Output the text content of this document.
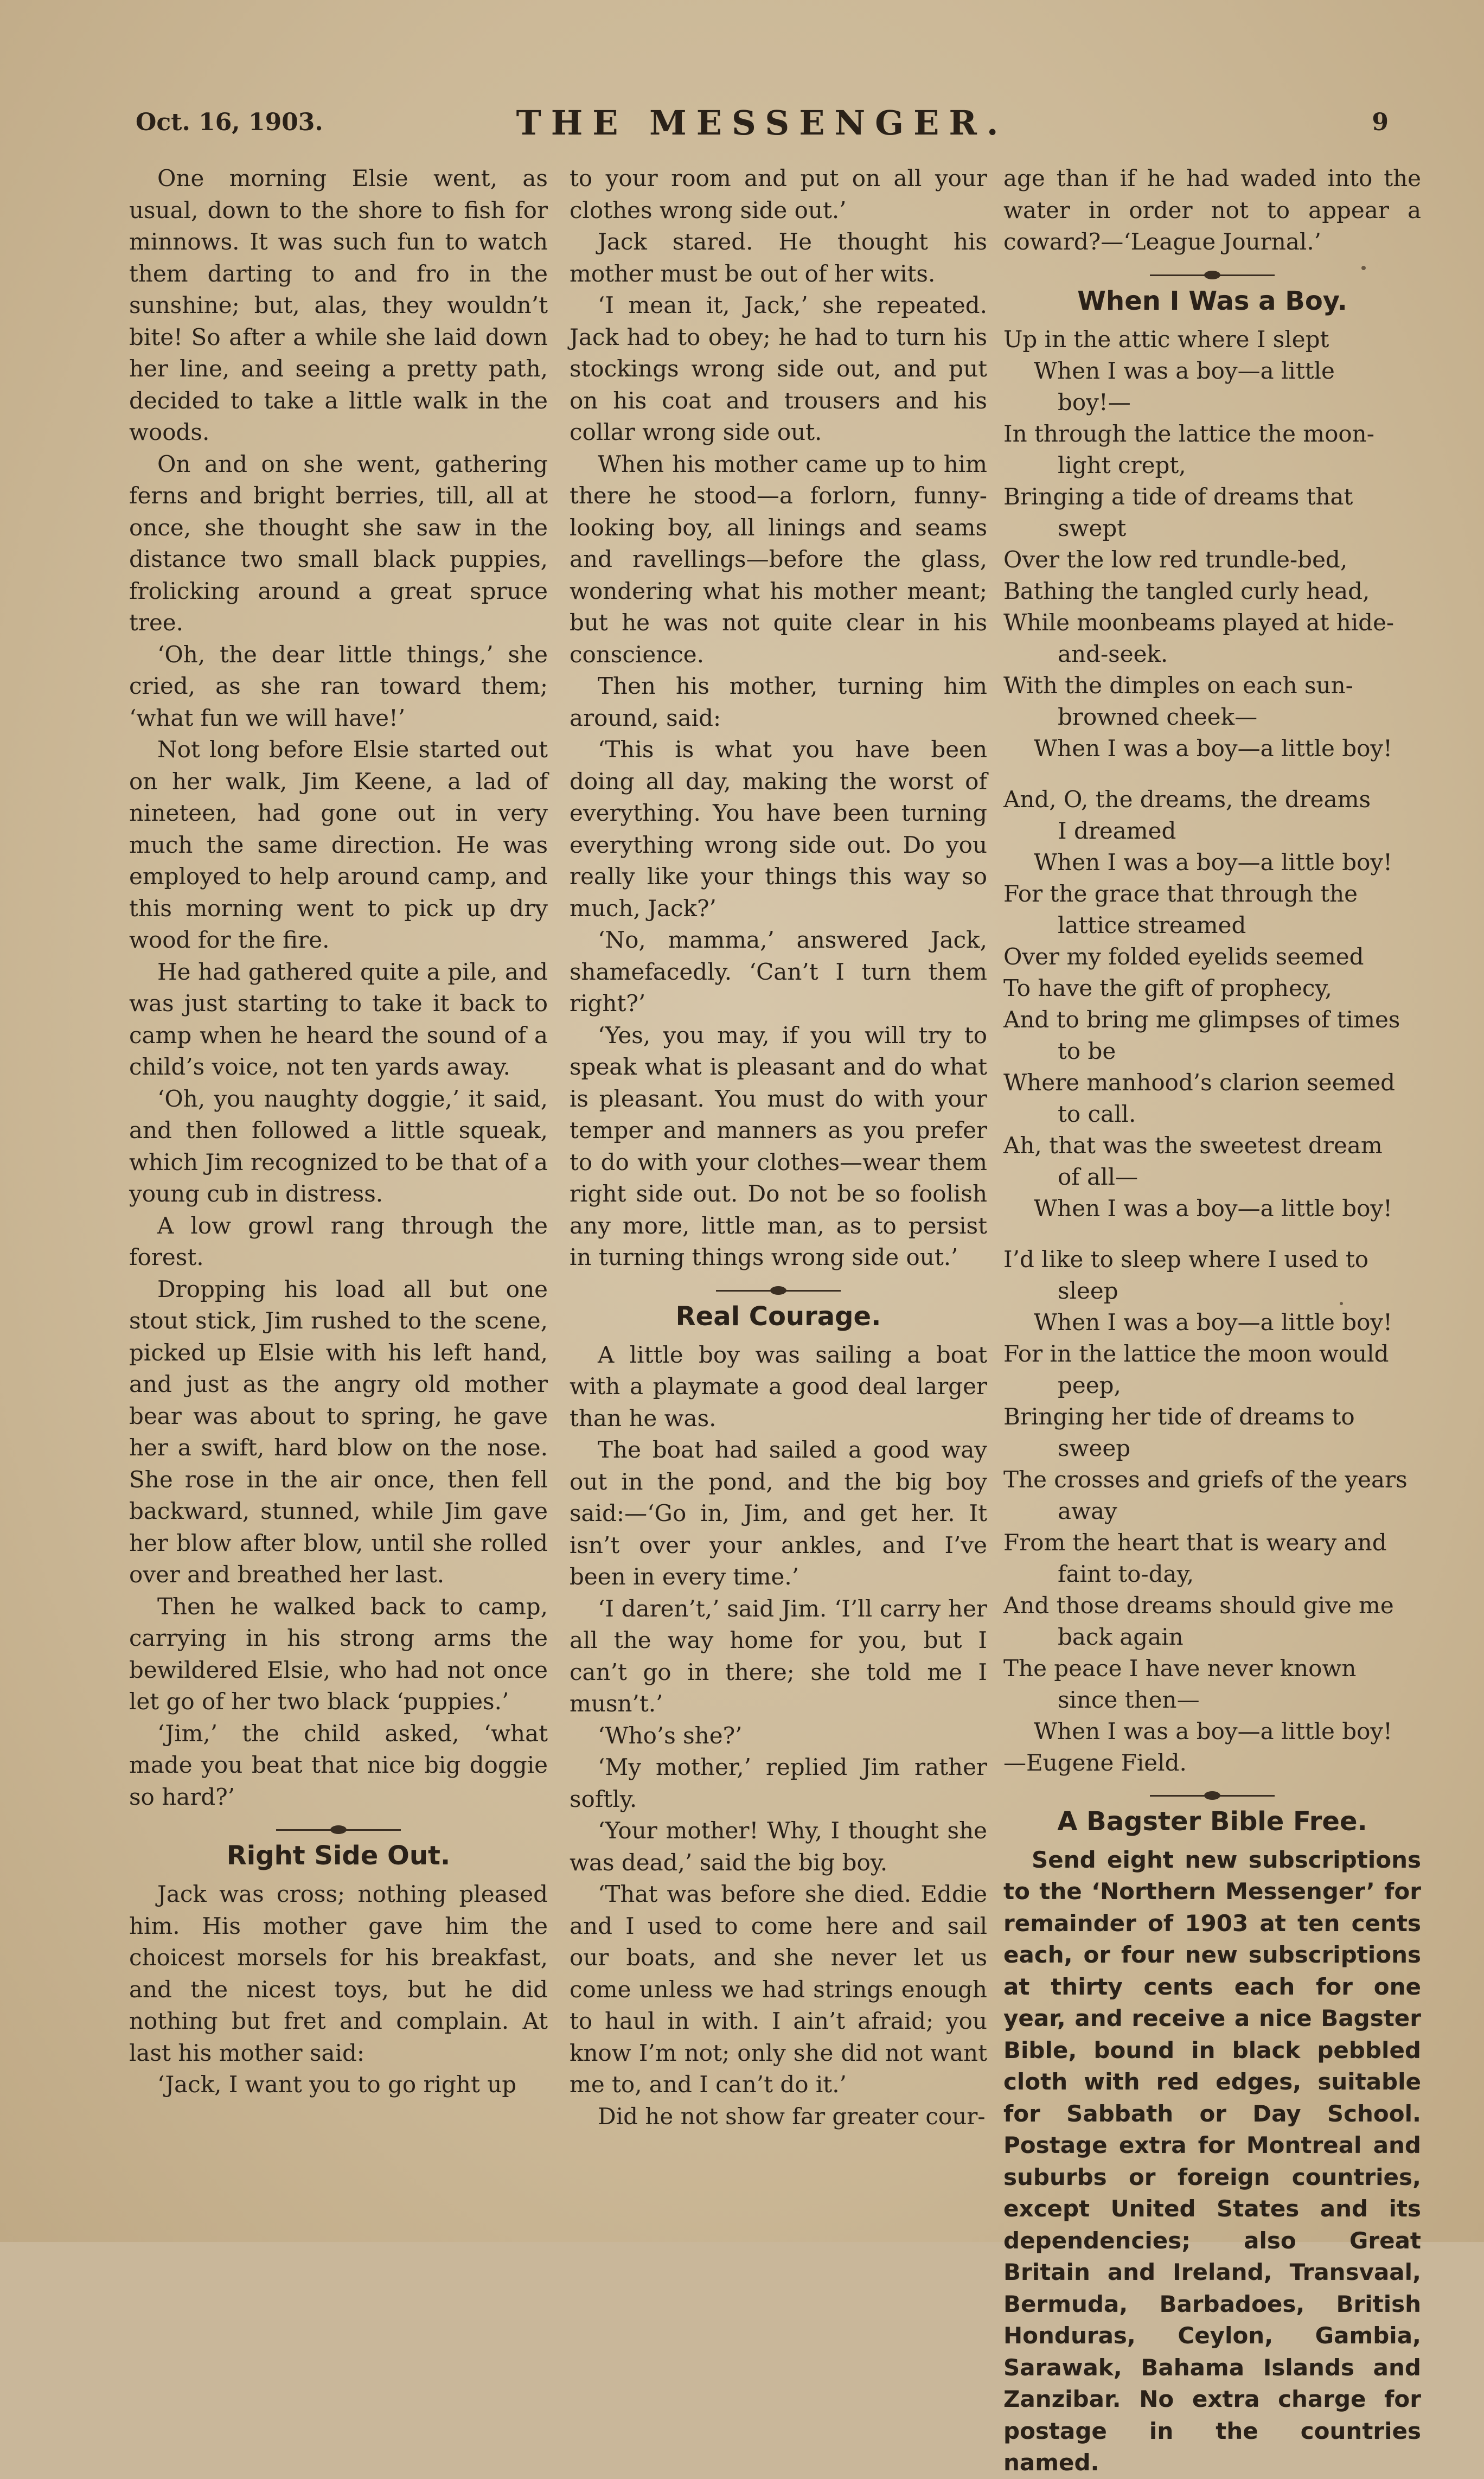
Oct. 16, 1903.	THE MESSENGER.	9

One morning Elsie went, as usual, down to the shore to fish for minnows. It was such fun to watch them darting to and fro in the sunshine; but, alas, they wouldn’t bite! So after a while she laid down her line, and seeing a pretty path, decided to take a little walk in the woods.

On and on she went, gathering ferns and bright berries, till, all at once, she thought she saw in the distance two small black puppies, frolicking around a great spruce tree.

‘Oh, the dear little things,’ she cried, as she ran toward them; ‘what fun we will have!’

Not long before Elsie started out on her walk, Jim Keene, a lad of nineteen, had gone out in very much the same direction. He was employed to help around camp, and this morning went to pick up dry wood for the fire.

He had gathered quite a pile, and was just starting to take it back to camp when he heard the sound of a child’s voice, not ten yards away.

‘Oh, you naughty doggie,’ it said, and then followed a little squeak, which Jim recognized to be that of a young cub in distress.

A low growl rang through the forest.

Dropping his load all but one stout stick, Jim rushed to the scene, picked up Elsie with his left hand, and just as the angry old mother bear was about to spring, he gave her a swift, hard blow on the nose. She rose in the air once, then fell backward, stunned, while Jim gave her blow after blow, until she rolled over and breathed her last.

Then he walked back to camp, carrying in his strong arms the bewildered Elsie, who had not once let go of her two black ‘puppies.’

‘Jim,’ the child asked, ‘what made you beat that nice big doggie so hard?’

Right Side Out.

Jack was cross; nothing pleased him. His mother gave him the choicest morsels for his breakfast, and the nicest toys, but he did nothing but fret and complain. At last his mother said:

‘Jack, I want you to go right up

to your room and put on all your clothes wrong side out.’

Jack stared. He thought his mother must be out of her wits.

‘I mean it, Jack,’ she repeated. Jack had to obey; he had to turn his stockings wrong side out, and put on his coat and trousers and his collar wrong side out.

When his mother came up to him there he stood—a forlorn, funny-looking boy, all linings and seams and ravellings—before the glass, wondering what his mother meant; but he was not quite clear in his conscience.

Then his mother, turning him around, said:

‘This is what you have been doing all day, making the worst of everything. You have been turning everything wrong side out. Do you really like your things this way so much, Jack?’

‘No, mamma,’ answered Jack, shamefacedly. ‘Can’t I turn them right?’

‘Yes, you may, if you will try to speak what is pleasant and do what is pleasant. You must do with your temper and manners as you prefer to do with your clothes—wear them right side out. Do not be so foolish any more, little man, as to persist in turning things wrong side out.’

Real Courage.

A little boy was sailing a boat with a playmate a good deal larger than he was.

The boat had sailed a good way out in the pond, and the big boy said:—‘Go in, Jim, and get her. It isn’t over your ankles, and I’ve been in every time.’

‘I daren’t,’ said Jim. ‘I’ll carry her all the way home for you, but I can’t go in there; she told me I musn’t.’

‘Who’s she?’

‘My mother,’ replied Jim rather softly.

‘Your mother! Why, I thought she was dead,’ said the big boy.

‘That was before she died. Eddie and I used to come here and sail our boats, and she never let us come unless we had strings enough to haul in with. I ain’t afraid; you know I’m not; only she did not want me to, and I can’t do it.’

Did he not show far greater cour-

age than if he had waded into the water in order not to appear a coward?—‘League Journal.’

When I Was a Boy.
Up in the attic where I slept
When I was a boy—a little
boy!—
In through the lattice the moon-
light crept,
Bringing a tide of dreams that
swept
Over the low red trundle-bed,
Bathing the tangled curly head,
While moonbeams played at hide-
and-seek.
With the dimples on each sun-
browned cheek—
When I was a boy—a little boy!
And, O, the dreams, the dreams
I dreamed
When I was a boy—a little boy!
For the grace that through the
lattice streamed
Over my folded eyelids seemed
To have the gift of prophecy,
And to bring me glimpses of times
to be
Where manhood’s clarion seemed
to call.
Ah, that was the sweetest dream
of all—
When I was a boy—a little boy!
I’d like to sleep where I used to
sleep
When I was a boy—a little boy!
For in the lattice the moon would
peep,
Bringing her tide of dreams to
sweep
The crosses and griefs of the years
away
From the heart that is weary and
faint to-day,
And those dreams should give me
back again
The peace I have never known
since then—
When I was a boy—a little boy!
—Eugene Field.
A Bagster Bible Free.

Send eight new subscriptions to the ‘Northern Messenger’ for remainder of 1903 at ten cents each, or four new subscriptions at thirty cents each for one year, and receive a nice Bagster Bible, bound in black pebbled cloth with red edges, suitable for Sabbath or Day School. Postage extra for Montreal and suburbs or foreign countries, except United States and its dependencies; also Great Britain and Ireland, Transvaal, Bermuda, Barbadoes, British Honduras, Ceylon, Gambia, Sarawak, Bahama Islands and Zanzibar. No extra charge for postage in the countries named.
